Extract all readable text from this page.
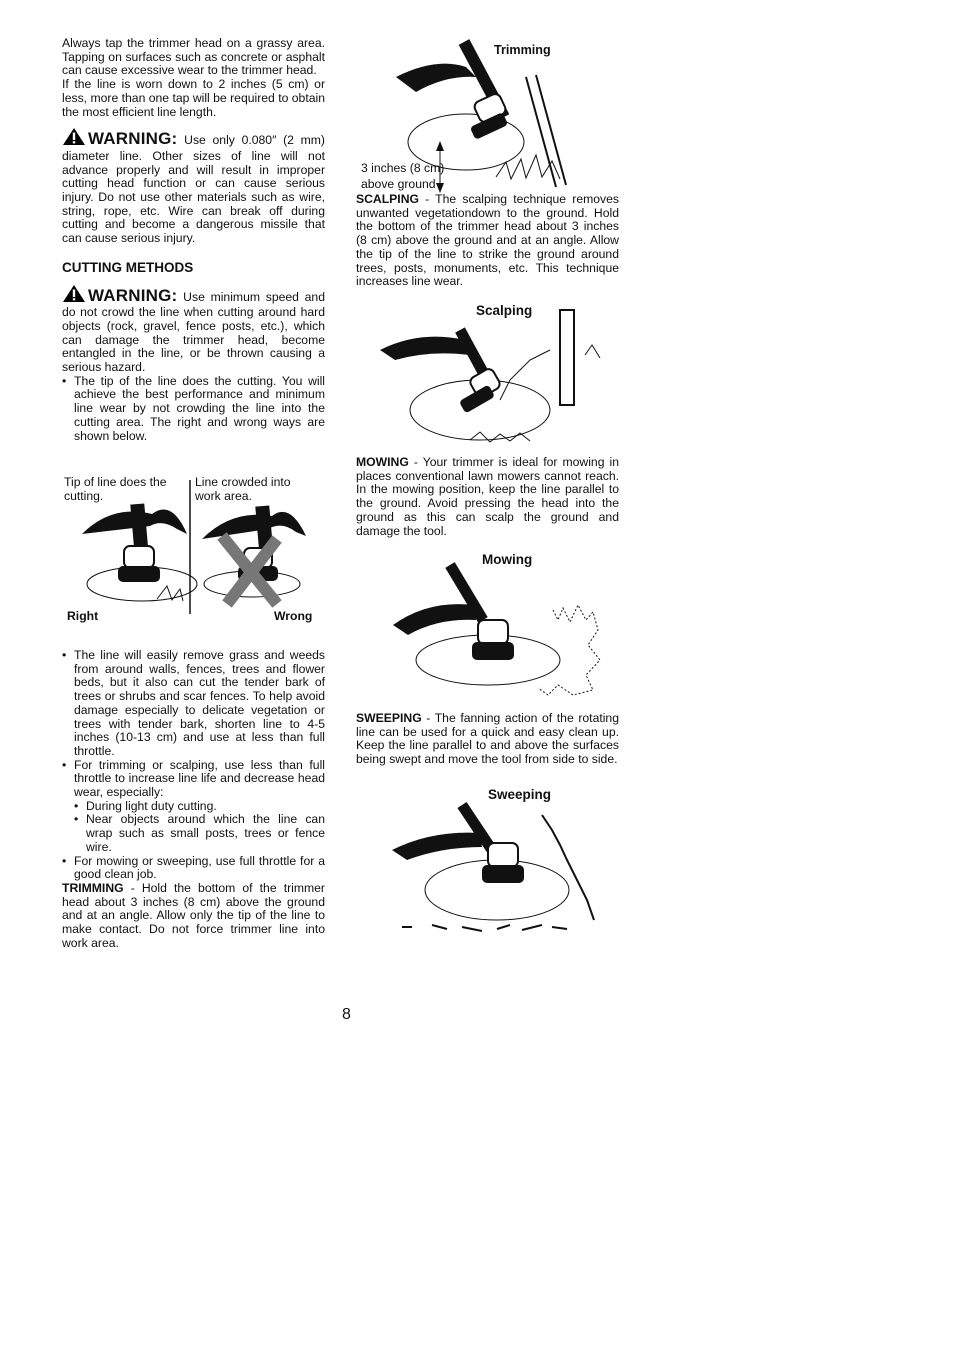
Always tap the trimmer head on a grassy area. Tapping on surfaces such as concrete or asphalt can cause excessive wear to the trimmer head.

If the line is worn down to 2 inches (5 cm) or less, more than one tap will be required to obtain the most efficient line length.

WARNING: Use only 0.080″ (2 mm) diameter line. Other sizes of line will not advance properly and will result in improper cutting head function or can cause serious injury. Do not use other materials such as wire, string, rope, etc. Wire can break off during cutting and become a dangerous missile that can cause serious injury.

CUTTING METHODS

WARNING: Use minimum speed and do not crowd the line when cutting around hard objects (rock, gravel, fence posts, etc.), which can damage the trimmer head, become entangled in the line, or be thrown causing a serious hazard.

• The tip of the line does the cutting. You will achieve the best performance and minimum line wear by not crowding the line into the cutting area. The right and wrong ways are shown below.
Tip of line does the cutting.
Line crowded into work area.
Right	Wrong
• The line will easily remove grass and weeds from around walls, fences, trees and flower beds, but it also can cut the tender bark of trees or shrubs and scar fences. To help avoid damage especially to delicate vegetation or trees with tender bark, shorten line to 4‑5 inches (10‑13 cm) and use at less than full throttle.
• For trimming or scalping, use less than full throttle to increase line life and decrease head wear, especially:
• During light duty cutting.
• Near objects around which the line can wrap such as small posts, trees or fence wire.
• For mowing or sweeping, use full throttle for a good clean job.

TRIMMING ‑ Hold the bottom of the trimmer head about 3 inches (8 cm) above the ground and at an angle. Allow only the tip of the line to make contact. Do not force trimmer line into work area.

Trimming
3 inches (8 cm)
above ground

SCALPING ‑ The scalping technique removes unwanted vegetationdown to the ground. Hold the bottom of the trimmer head about 3 inches (8 cm) above the ground and at an angle. Allow the tip of the line to strike the ground around trees, posts, monuments, etc. This technique increases line wear.

Scalping

MOWING ‑ Your trimmer is ideal for mowing in places conventional lawn mowers cannot reach. In the mowing position, keep the line parallel to the ground. Avoid pressing the head into the ground as this can scalp the ground and damage the tool.

Mowing

SWEEPING ‑ The fanning action of the rotating line can be used for a quick and easy clean up. Keep the line parallel to and above the surfaces being swept and move the tool from side to side.

Sweeping
8
